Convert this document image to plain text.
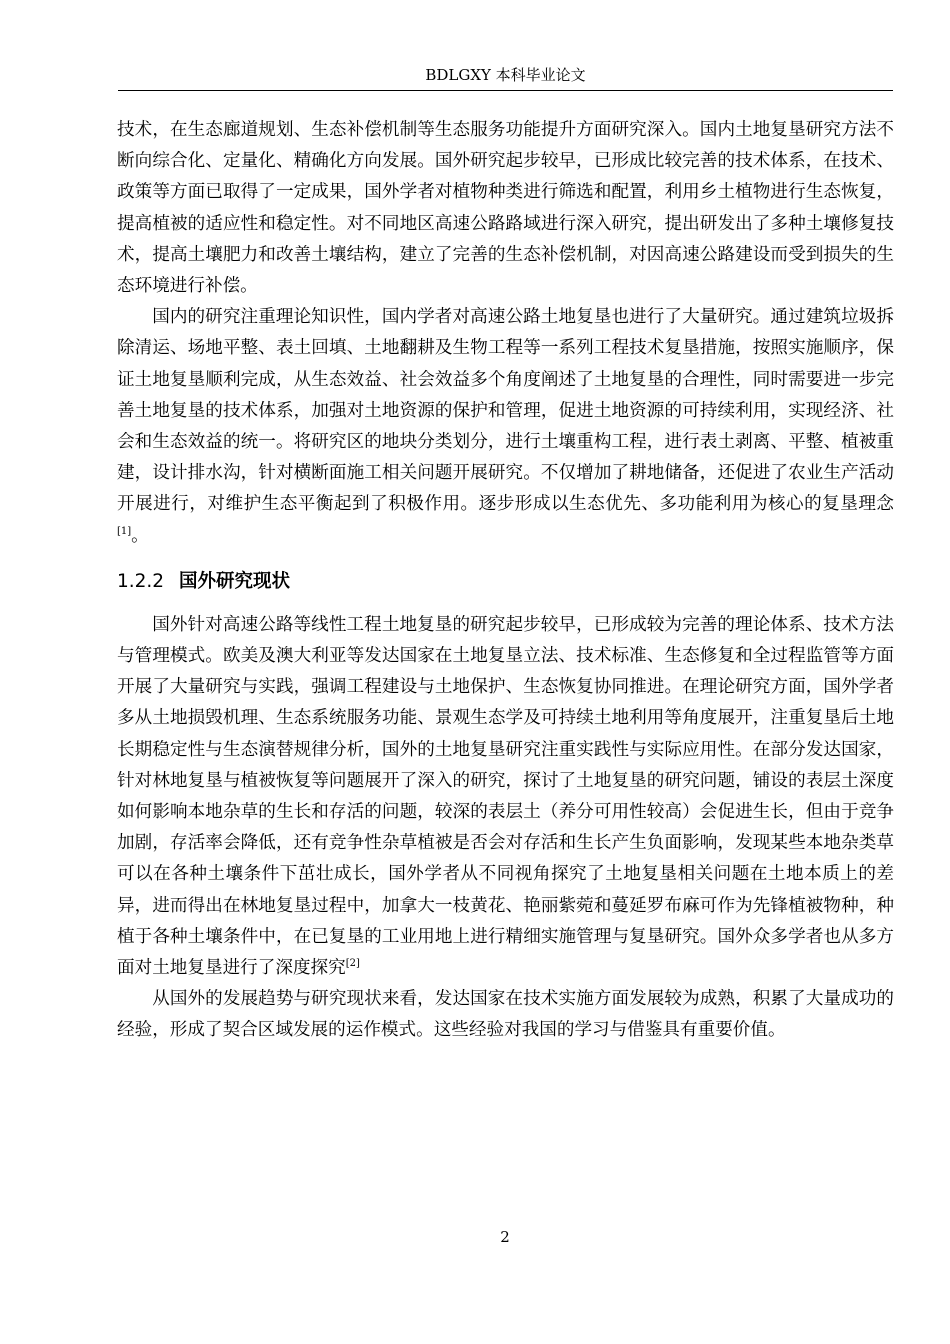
BDLGXY 本科毕业论文

技术，在生态廊道规划、生态补偿机制等生态服务功能提升方面研究深入。国内土地复垦研究方法不断向综合化、定量化、精确化方向发展。国外研究起步较早，已形成比较完善的技术体系，在技术、政策等方面已取得了一定成果，国外学者对植物种类进行筛选和配置，利用乡土植物进行生态恢复，提高植被的适应性和稳定性。对不同地区高速公路路域进行深入研究，提出研发出了多种土壤修复技术，提高土壤肥力和改善土壤结构，建立了完善的生态补偿机制，对因高速公路建设而受到损失的生态环境进行补偿。

国内的研究注重理论知识性，国内学者对高速公路土地复垦也进行了大量研究。通过建筑垃圾拆除清运、场地平整、表土回填、土地翻耕及生物工程等一系列工程技术复垦措施，按照实施顺序，保证土地复垦顺利完成，从生态效益、社会效益多个角度阐述了土地复垦的合理性，同时需要进一步完善土地复垦的技术体系，加强对土地资源的保护和管理，促进土地资源的可持续利用，实现经济、社会和生态效益的统一。将研究区的地块分类划分，进行土壤重构工程，进行表土剥离、平整、植被重建，设计排水沟，针对横断面施工相关问题开展研究。不仅增加了耕地储备，还促进了农业生产活动开展进行，对维护生态平衡起到了积极作用。逐步形成以生态优先、多功能利用为核心的复垦理念[1]。

1.2.2 国外研究现状

国外针对高速公路等线性工程土地复垦的研究起步较早，已形成较为完善的理论体系、技术方法与管理模式。欧美及澳大利亚等发达国家在土地复垦立法、技术标准、生态修复和全过程监管等方面开展了大量研究与实践，强调工程建设与土地保护、生态恢复协同推进。在理论研究方面，国外学者多从土地损毁机理、生态系统服务功能、景观生态学及可持续土地利用等角度展开，注重复垦后土地长期稳定性与生态演替规律分析，国外的土地复垦研究注重实践性与实际应用性。在部分发达国家，针对林地复垦与植被恢复等问题展开了深入的研究，探讨了土地复垦的研究问题，铺设的表层土深度如何影响本地杂草的生长和存活的问题，较深的表层土（养分可用性较高）会促进生长，但由于竞争加剧，存活率会降低，还有竞争性杂草植被是否会对存活和生长产生负面影响，发现某些本地杂类草可以在各种土壤条件下茁壮成长，国外学者从不同视角探究了土地复垦相关问题在土地本质上的差异，进而得出在林地复垦过程中，加拿大一枝黄花、艳丽紫菀和蔓延罗布麻可作为先锋植被物种，种植于各种土壤条件中，在已复垦的工业用地上进行精细实施管理与复垦研究。国外众多学者也从多方面对土地复垦进行了深度探究[2]

从国外的发展趋势与研究现状来看，发达国家在技术实施方面发展较为成熟，积累了大量成功的经验，形成了契合区域发展的运作模式。这些经验对我国的学习与借鉴具有重要价值。

2
